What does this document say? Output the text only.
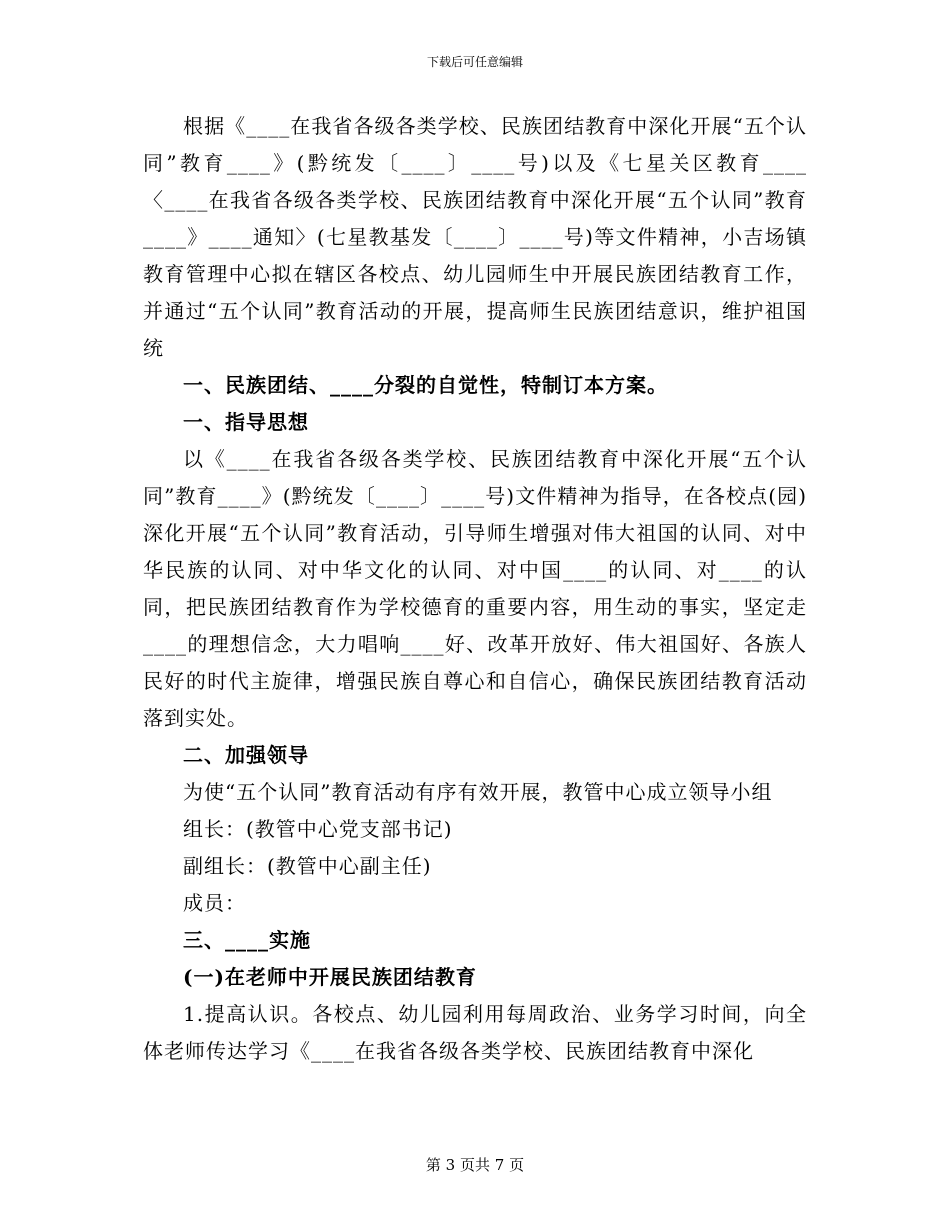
下载后可任意编辑

根据《____在我省各级各类学校、民族团结教育中深化开展“五个认同”教育____》(黔统发〔____〕____号)以及《七星关区教育____〈____在我省各级各类学校、民族团结教育中深化开展“五个认同”教育____》____通知〉(七星教基发〔____〕____号)等文件精神，小吉场镇教育管理中心拟在辖区各校点、幼儿园师生中开展民族团结教育工作，并通过“五个认同”教育活动的开展，提高师生民族团结意识，维护祖国统

一、民族团结、____分裂的自觉性，特制订本方案。

一、指导思想

以《____在我省各级各类学校、民族团结教育中深化开展“五个认同”教育____》(黔统发〔____〕____号)文件精神为指导，在各校点(园)深化开展“五个认同”教育活动，引导师生增强对伟大祖国的认同、对中华民族的认同、对中华文化的认同、对中国____的认同、对____的认同，把民族团结教育作为学校德育的重要内容，用生动的事实，坚定走____的理想信念，大力唱响____好、改革开放好、伟大祖国好、各族人民好的时代主旋律，增强民族自尊心和自信心，确保民族团结教育活动落到实处。

二、加强领导

为使“五个认同”教育活动有序有效开展，教管中心成立领导小组

组长：(教管中心党支部书记)

副组长：(教管中心副主任)

成员：

三、____实施

(一)在老师中开展民族团结教育

1.提高认识。各校点、幼儿园利用每周政治、业务学习时间，向全体老师传达学习《____在我省各级各类学校、民族团结教育中深化

第 3 页共 7 页
